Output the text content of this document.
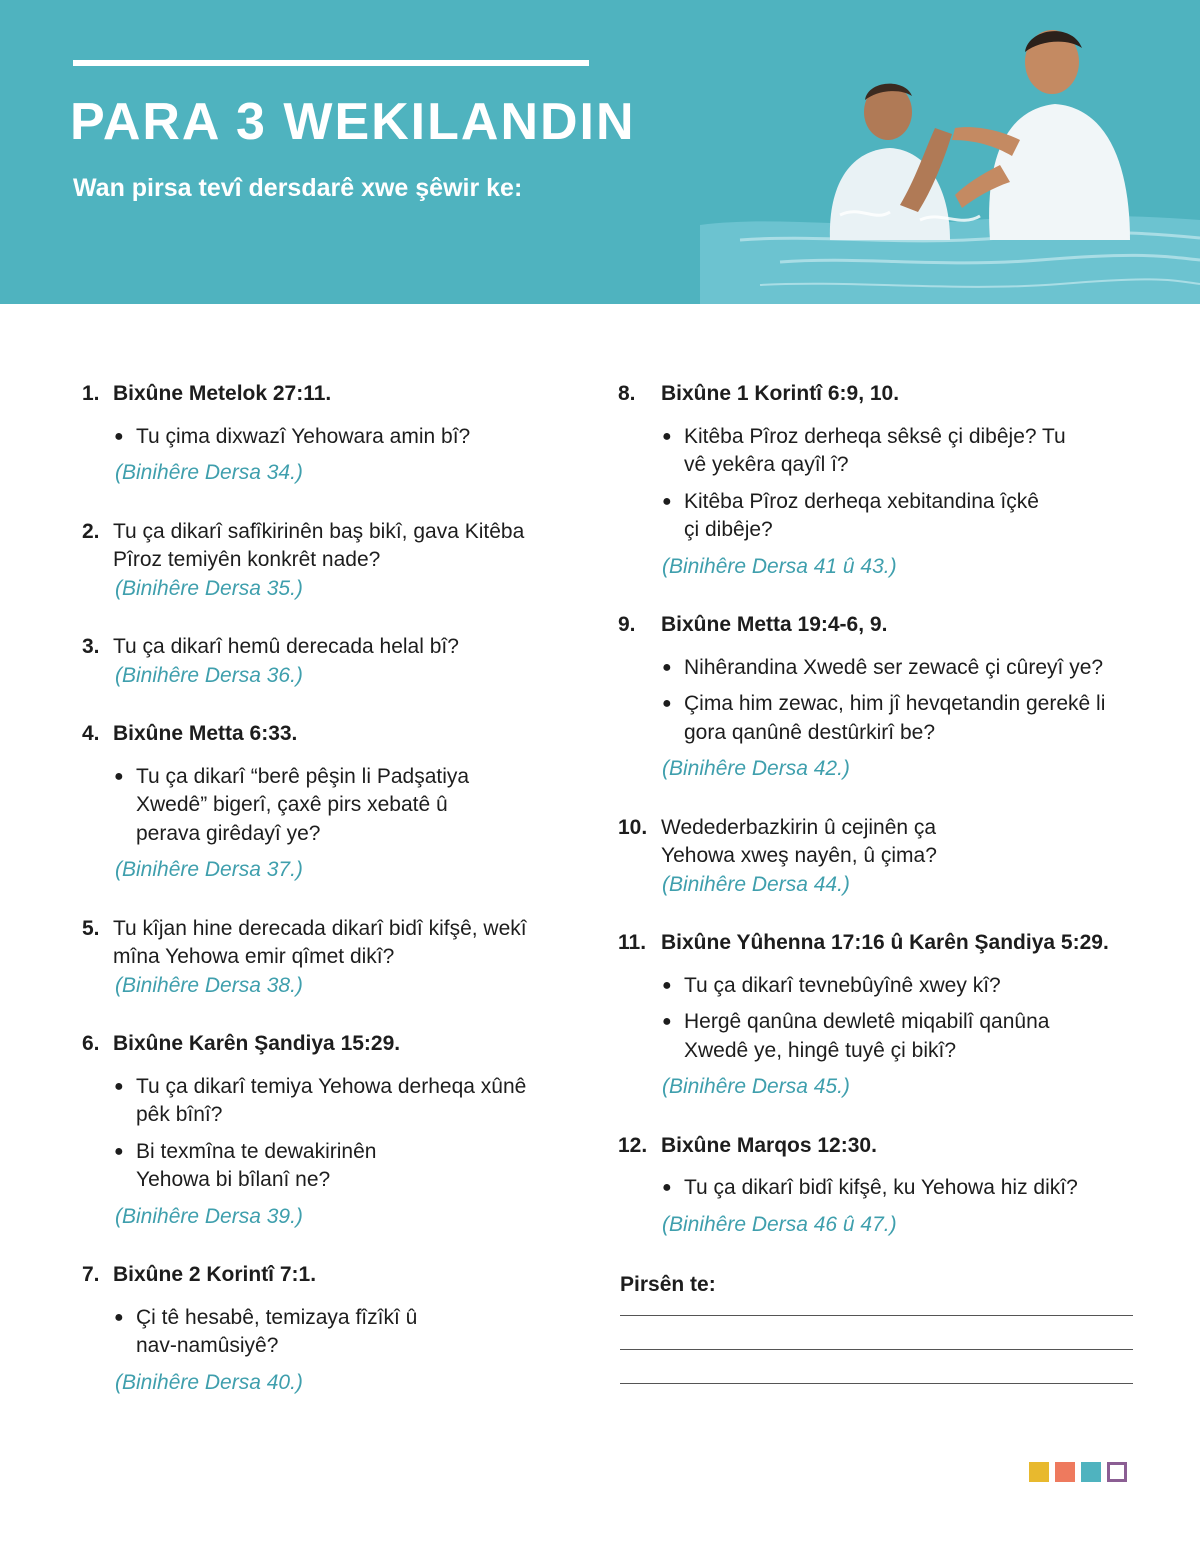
PARA 3 WEKILANDIN

Wan pirsa tevî dersdarê xwe şêwir ke:

1. Bixûne Metelok 27:11.

● Tu çima dixwazî Yehowara amin bî?

(Binihêre Dersa 34.)

2. Tu ça dikarî safîkirinên baş bikî, gava Kitêba Pîroz temiyên konkrêt nade?

(Binihêre Dersa 35.)

3. Tu ça dikarî hemû derecada helal bî?

(Binihêre Dersa 36.)

4. Bixûne Metta 6:33.

● Tu ça dikarî “berê pêşin li Padşatiya Xwedê” bigerî, çaxê pirs xebatê û perava girêdayî ye?

(Binihêre Dersa 37.)

5. Tu kîjan hine derecada dikarî bidî kifşê, wekî mîna Yehowa emir qîmet dikî?

(Binihêre Dersa 38.)

6. Bixûne Karên Şandiya 15:29.

● Tu ça dikarî temiya Yehowa derheqa xûnê pêk bînî?
● Bi texmîna te dewakirinên Yehowa bi bîlanî ne?

(Binihêre Dersa 39.)

7. Bixûne 2 Korintî 7:1.

● Çi tê hesabê, temizaya fîzîkî û nav-namûsiyê?

(Binihêre Dersa 40.)

8.	Bixûne 1 Korintî 6:9, 10.

● Kitêba Pîroz derheqa sêksê çi dibêje? Tu vê yekêra qayîl î?
● Kitêba Pîroz derheqa xebitandina îçkê çi dibêje?

(Binihêre Dersa 41 û 43.)

9.	Bixûne Metta 19:4-6, 9.

● Nihêrandina Xwedê ser zewacê çi cûreyî ye?
● Çima him zewac, him jî hevqetandin gerekê li gora qanûnê destûrkirî be?

(Binihêre Dersa 42.)

10. Wedederbazkirin û cejinên ça Yehowa xweş nayên, û çima?

(Binihêre Dersa 44.)

11. Bixûne Yûhenna 17:16 û Karên Şandiya 5:29.

● Tu ça dikarî tevnebûyînê xwey kî?
● Hergê qanûna dewletê miqabilî qanûna Xwedê ye, hingê tuyê çi bikî?

(Binihêre Dersa 45.)

12. Bixûne Marqos 12:30.

● Tu ça dikarî bidî kifşê, ku Yehowa hiz dikî?

(Binihêre Dersa 46 û 47.)

Pirsên te:
